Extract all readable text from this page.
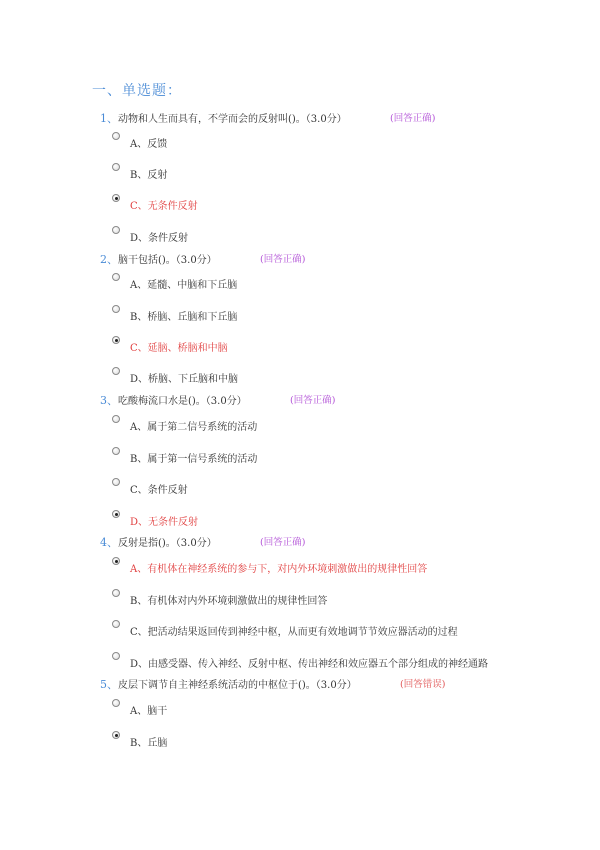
一、单选题：
1、动物和人生而具有，不学而会的反射叫()。（3.0分）	(回答正确)
A、反馈
B、反射
C、无条件反射
D、条件反射
2、脑干包括()。（3.0分）	(回答正确)
A、延髓、中脑和下丘脑
B、桥脑、丘脑和下丘脑
C、延脑、桥脑和中脑
D、桥脑、下丘脑和中脑
3、吃酸梅流口水是()。（3.0分）	(回答正确)
A、属于第二信号系统的活动
B、属于第一信号系统的活动
C、条件反射
D、无条件反射
4、反射是指()。（3.0分）	(回答正确)
A、有机体在神经系统的参与下，对内外环境刺激做出的规律性回答
B、有机体对内外环境刺激做出的规律性回答
C、把活动结果返回传到神经中枢，从而更有效地调节节效应器活动的过程
D、由感受器、传入神经、反射中枢、传出神经和效应器五个部分组成的神经通路
5、皮层下调节自主神经系统活动的中枢位于()。（3.0分）	(回答错误)
A、脑干
B、丘脑
